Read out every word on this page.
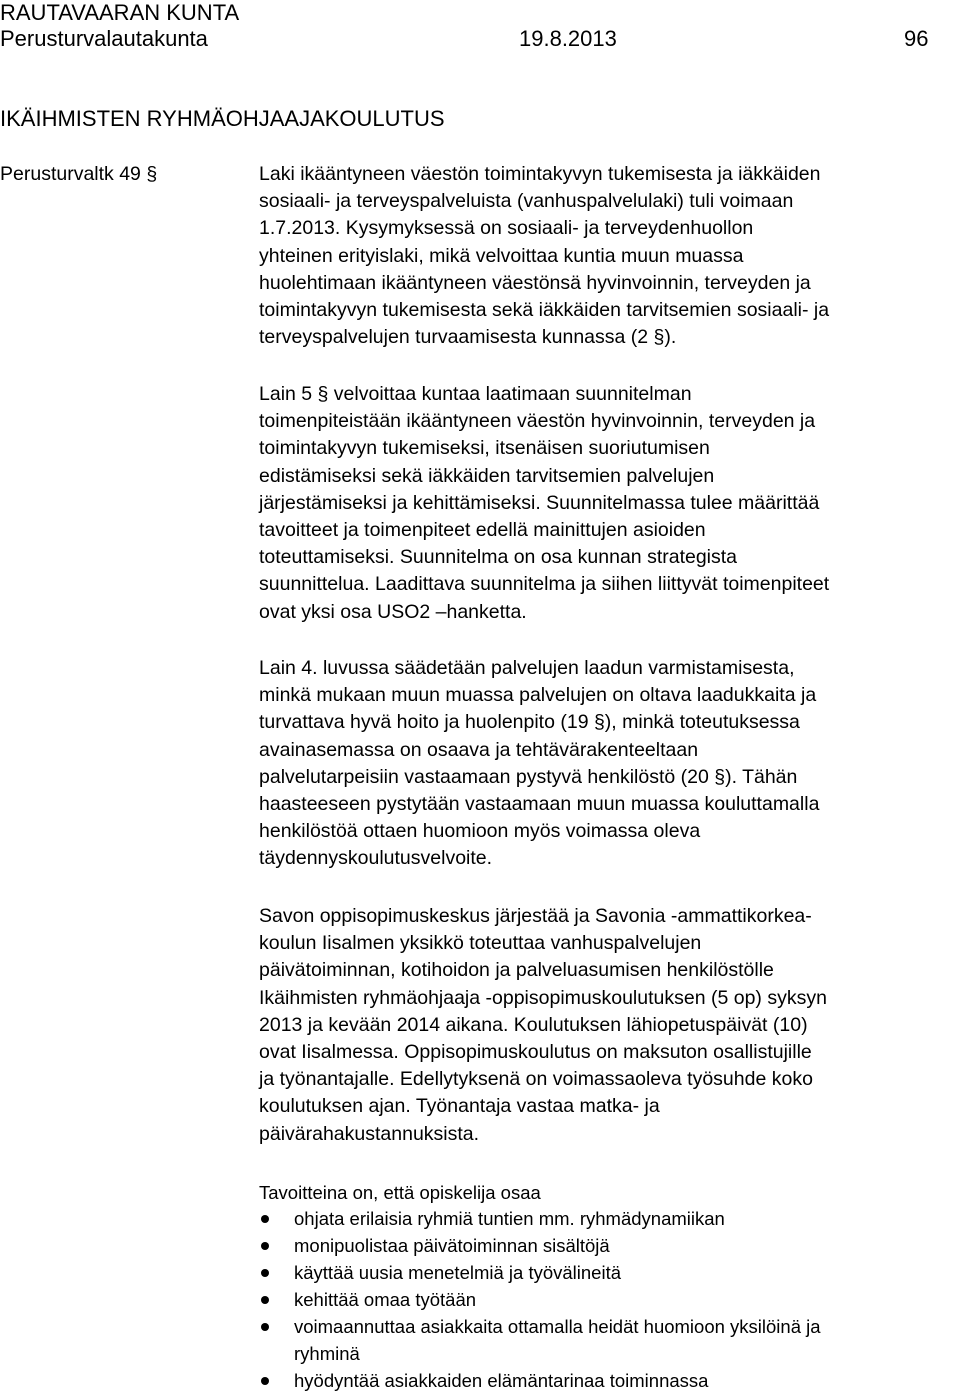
RAUTAVAARAN KUNTA
Perusturvalautakunta	19.8.2013	96
IKÄIHMISTEN RYHMÄOHJAAJAKOULUTUS
Perusturvaltk 49 §	Laki ikääntyneen väestön toimintakyvyn tukemisesta ja iäkkäiden
sosiaali- ja terveyspalveluista (vanhuspalvelulaki) tuli voimaan
1.7.2013. Kysymyksessä on sosiaali- ja terveydenhuollon
yhteinen erityislaki, mikä velvoittaa kuntia muun muassa
huolehtimaan ikääntyneen väestönsä hyvinvoinnin, terveyden ja
toimintakyvyn tukemisesta sekä iäkkäiden tarvitsemien sosiaali- ja
terveyspalvelujen turvaamisesta kunnassa (2 §).
Lain 5 § velvoittaa kuntaa laatimaan suunnitelman
toimenpiteistään ikääntyneen väestön hyvinvoinnin, terveyden ja
toimintakyvyn tukemiseksi, itsenäisen suoriutumisen
edistämiseksi sekä iäkkäiden tarvitsemien palvelujen
järjestämiseksi ja kehittämiseksi. Suunnitelmassa tulee määrittää
tavoitteet ja toimenpiteet edellä mainittujen asioiden
toteuttamiseksi. Suunnitelma on osa kunnan strategista
suunnittelua. Laadittava suunnitelma ja siihen liittyvät toimenpiteet
ovat yksi osa USO2 –hanketta.
Lain 4. luvussa säädetään palvelujen laadun varmistamisesta,
minkä mukaan muun muassa palvelujen on oltava laadukkaita ja
turvattava hyvä hoito ja huolenpito (19 §), minkä toteutuksessa
avainasemassa on osaava ja tehtävärakenteeltaan
palvelutarpeisiin vastaamaan pystyvä henkilöstö (20 §). Tähän
haasteeseen pystytään vastaamaan muun muassa kouluttamalla
henkilöstöä ottaen huomioon myös voimassa oleva
täydennyskoulutusvelvoite.
Savon oppisopimuskeskus järjestää ja Savonia -ammattikorkea-
koulun Iisalmen yksikkö toteuttaa vanhuspalvelujen
päivätoiminnan, kotihoidon ja palveluasumisen henkilöstölle
Ikäihmisten ryhmäohjaaja -oppisopimuskoulutuksen (5 op) syksyn
2013 ja kevään 2014 aikana. Koulutuksen lähiopetuspäivät (10)
ovat Iisalmessa. Oppisopimuskoulutus on maksuton osallistujille
ja työnantajalle. Edellytyksenä on voimassaoleva työsuhde koko
koulutuksen ajan. Työnantaja vastaa matka- ja
päivärahakustannuksista.
Tavoitteina on, että opiskelija osaa
ohjata erilaisia ryhmiä tuntien mm. ryhmädynamiikan
monipuolistaa päivätoiminnan sisältöjä
käyttää uusia menetelmiä ja työvälineitä
kehittää omaa työtään
voimaannuttaa asiakkaita ottamalla heidät huomioon yksilöinä ja
ryhminä
hyödyntää asiakkaiden elämäntarinaa toiminnassa
